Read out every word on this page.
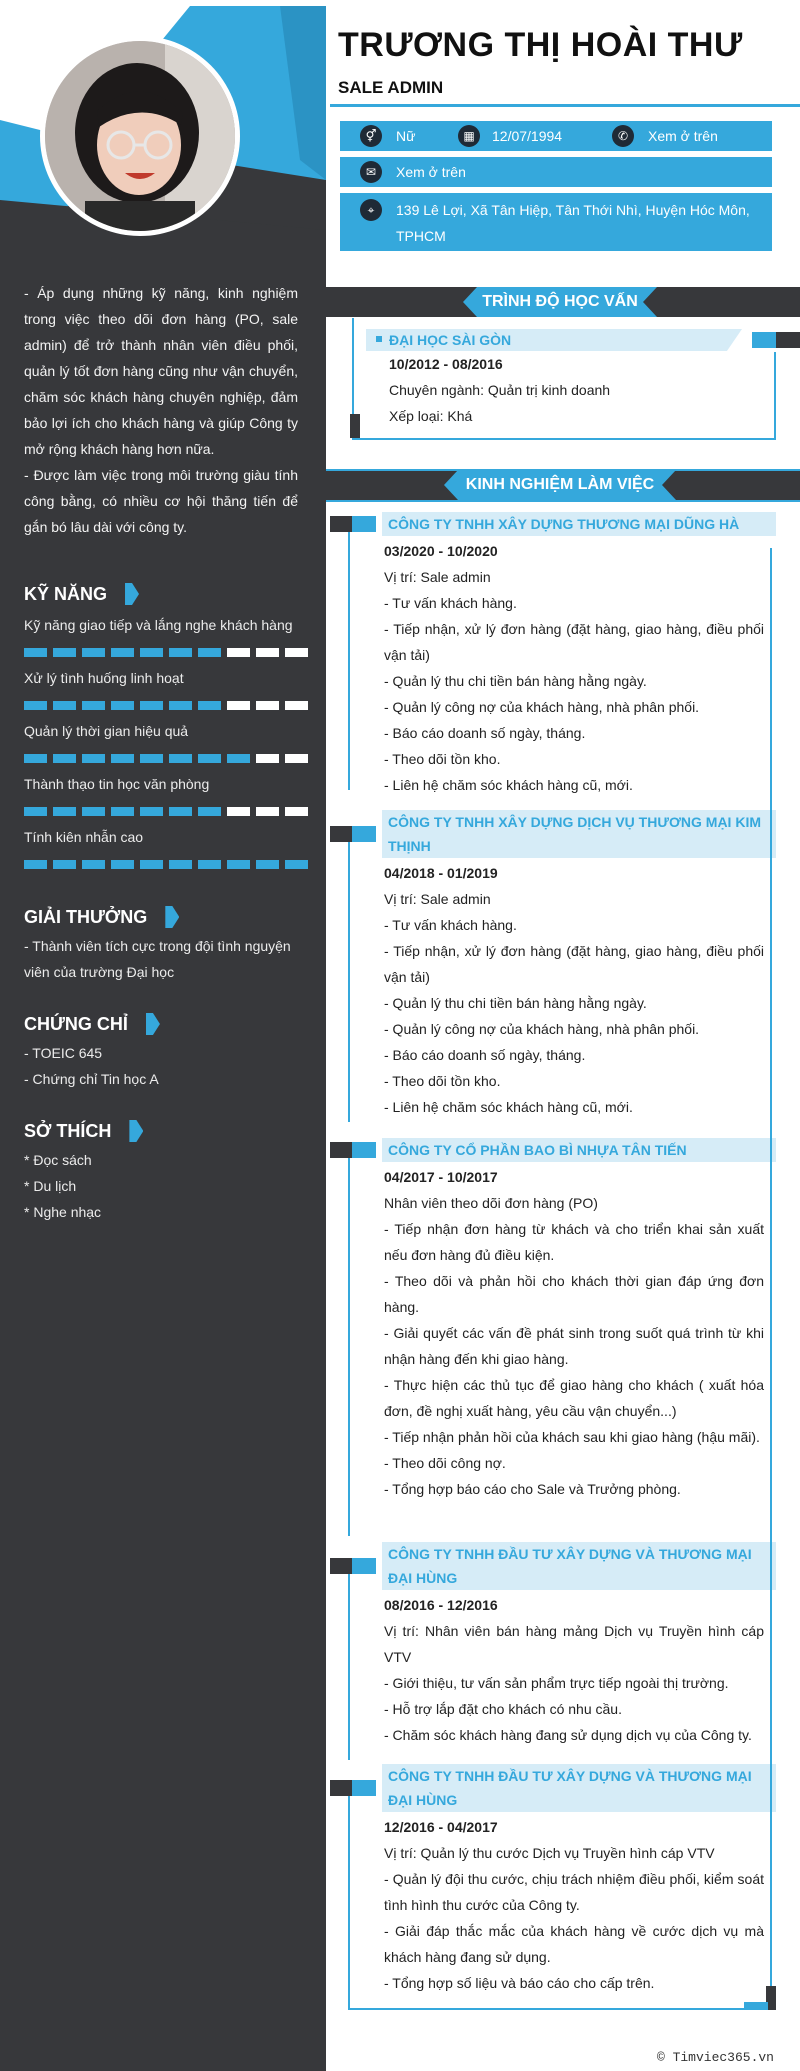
- Áp dụng những kỹ năng, kinh nghiệm trong việc theo dõi đơn hàng (PO, sale admin) để trở thành nhân viên điều phối, quản lý tốt đơn hàng cũng như vận chuyển, chăm sóc khách hàng chuyên nghiệp, đảm bảo lợi ích cho khách hàng và giúp Công ty mở rộng khách hàng hơn nữa.

- Được làm việc trong môi trường giàu tính công bằng, có nhiều cơ hội thăng tiến để gắn bó lâu dài với công ty.

KỸ NĂNG
Kỹ năng giao tiếp và lắng nghe khách hàng
Xử lý tình huống linh hoạt
Quản lý thời gian hiệu quả
Thành thạo tin học văn phòng
Tính kiên nhẫn cao
GIẢI THƯỞNG

- Thành viên tích cực trong đội tình nguyện viên của trường Đại học

CHỨNG CHỈ

- TOEIC 645

- Chứng chỉ Tin học A

SỞ THÍCH

* Đọc sách

* Du lịch

* Nghe nhạc

TRƯƠNG THỊ HOÀI THƯ
SALE ADMIN
⚥	Nữ	▦	12/07/1994	✆	Xem ở trên
✉	Xem ở trên
⌖	139 Lê Lợi, Xã Tân Hiệp, Tân Thới Nhì, Huyện Hóc Môn,
TPHCM
TRÌNH ĐỘ HỌC VẤN
ĐẠI HỌC SÀI GÒN
10/2012 - 08/2016
Chuyên ngành: Quản trị kinh doanh
Xếp loại: Khá
KINH NGHIỆM LÀM VIỆC
CÔNG TY TNHH XÂY DỰNG THƯƠNG MẠI DŨNG HÀ
03/2020 - 10/2020
Vị trí: Sale admin
- Tư vấn khách hàng.
- Tiếp nhận, xử lý đơn hàng (đặt hàng, giao hàng, điều phối vận tải)
- Quản lý thu chi tiền bán hàng hằng ngày.
- Quản lý công nợ của khách hàng, nhà phân phối.
- Báo cáo doanh số ngày, tháng.
- Theo dõi tồn kho.
- Liên hệ chăm sóc khách hàng cũ, mới.
CÔNG TY TNHH XÂY DỰNG DỊCH VỤ THƯƠNG MẠI KIM THỊNH
04/2018 - 01/2019
Vị trí: Sale admin
- Tư vấn khách hàng.
- Tiếp nhận, xử lý đơn hàng (đặt hàng, giao hàng, điều phối vận tải)
- Quản lý thu chi tiền bán hàng hằng ngày.
- Quản lý công nợ của khách hàng, nhà phân phối.
- Báo cáo doanh số ngày, tháng.
- Theo dõi tồn kho.
- Liên hệ chăm sóc khách hàng cũ, mới.
CÔNG TY CỔ PHẦN BAO BÌ NHỰA TÂN TIẾN
04/2017 - 10/2017
Nhân viên theo dõi đơn hàng (PO)
- Tiếp nhận đơn hàng từ khách và cho triển khai sản xuất nếu đơn hàng đủ điều kiện.
- Theo dõi và phản hồi cho khách thời gian đáp ứng đơn hàng.
- Giải quyết các vấn đề phát sinh trong suốt quá trình từ khi nhận hàng đến khi giao hàng.
- Thực hiện các thủ tục để giao hàng cho khách ( xuất hóa đơn, đề nghị xuất hàng, yêu cầu vận chuyển...)
- Tiếp nhận phản hồi của khách sau khi giao hàng (hậu mãi).
- Theo dõi công nợ.
- Tổng hợp báo cáo cho Sale và Trưởng phòng.
CÔNG TY TNHH ĐẦU TƯ XÂY DỰNG VÀ THƯƠNG MẠI ĐẠI HÙNG
08/2016 - 12/2016
Vị trí: Nhân viên bán hàng mảng Dịch vụ Truyền hình cáp VTV
- Giới thiệu, tư vấn sản phẩm trực tiếp ngoài thị trường.
- Hỗ trợ lắp đặt cho khách có nhu cầu.
- Chăm sóc khách hàng đang sử dụng dịch vụ của Công ty.
CÔNG TY TNHH ĐẦU TƯ XÂY DỰNG VÀ THƯƠNG MẠI ĐẠI HÙNG
12/2016 - 04/2017
Vị trí: Quản lý thu cước Dịch vụ Truyền hình cáp VTV
- Quản lý đội thu cước, chịu trách nhiệm điều phối, kiểm soát tình hình thu cước của Công ty.
- Giải đáp thắc mắc của khách hàng về cước dịch vụ mà khách hàng đang sử dụng.
- Tổng hợp số liệu và báo cáo cho cấp trên.
© Timviec365.vn
